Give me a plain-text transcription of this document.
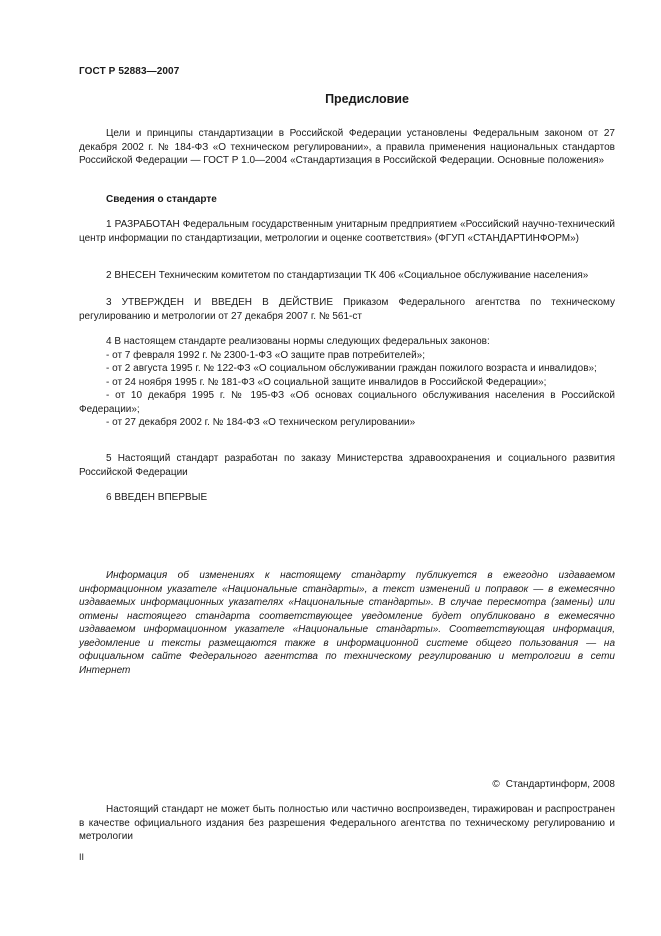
ГОСТ Р 52883—2007
Предисловие

Цели и принципы стандартизации в Российской Федерации установлены Федеральным законом от 27 декабря 2002 г. № 184-ФЗ «О техническом регулировании», а правила применения национальных стандартов Российской Федерации — ГОСТ Р 1.0—2004 «Стандартизация в Российской Федерации. Основные положения»

Сведения о стандарте

1 РАЗРАБОТАН Федеральным государственным унитарным предприятием «Российский научно-технический центр информации по стандартизации, метрологии и оценке соответствия» (ФГУП «СТАНДАРТИНФОРМ»)

2 ВНЕСЕН Техническим комитетом по стандартизации ТК 406 «Социальное обслуживание населения»

3 УТВЕРЖДЕН И ВВЕДЕН В ДЕЙСТВИЕ Приказом Федерального агентства по техническому регулированию и метрологии от 27 декабря 2007 г. № 561-ст

4 В настоящем стандарте реализованы нормы следующих федеральных законов:

- от 7 февраля 1992 г. № 2300-1-ФЗ «О защите прав потребителей»;

- от 2 августа 1995 г. № 122-ФЗ «О социальном обслуживании граждан пожилого возраста и инвалидов»;

- от 24 ноября 1995 г. № 181-ФЗ «О социальной защите инвалидов в Российской Федерации»;

- от 10 декабря 1995 г. № 195-ФЗ «Об основах социального обслуживания населения в Российской Федерации»;

- от 27 декабря 2002 г. № 184-ФЗ «О техническом регулировании»

5 Настоящий стандарт разработан по заказу Министерства здравоохранения и социального развития Российской Федерации

6 ВВЕДЕН ВПЕРВЫЕ

Информация об изменениях к настоящему стандарту публикуется в ежегодно издаваемом информационном указателе «Национальные стандарты», а текст изменений и поправок — в ежемесячно издаваемых информационных указателях «Национальные стандарты». В случае пересмотра (замены) или отмены настоящего стандарта соответствующее уведомление будет опубликовано в ежемесячно издаваемом информационном указателе «Национальные стандарты». Соответствующая информация, уведомление и тексты размещаются также в информационной системе общего пользования — на официальном сайте Федерального агентства по техническому регулированию и метрологии в сети Интернет

© Стандартинформ, 2008

Настоящий стандарт не может быть полностью или частично воспроизведен, тиражирован и распространен в качестве официального издания без разрешения Федерального агентства по техническому регулированию и метрологии

II
